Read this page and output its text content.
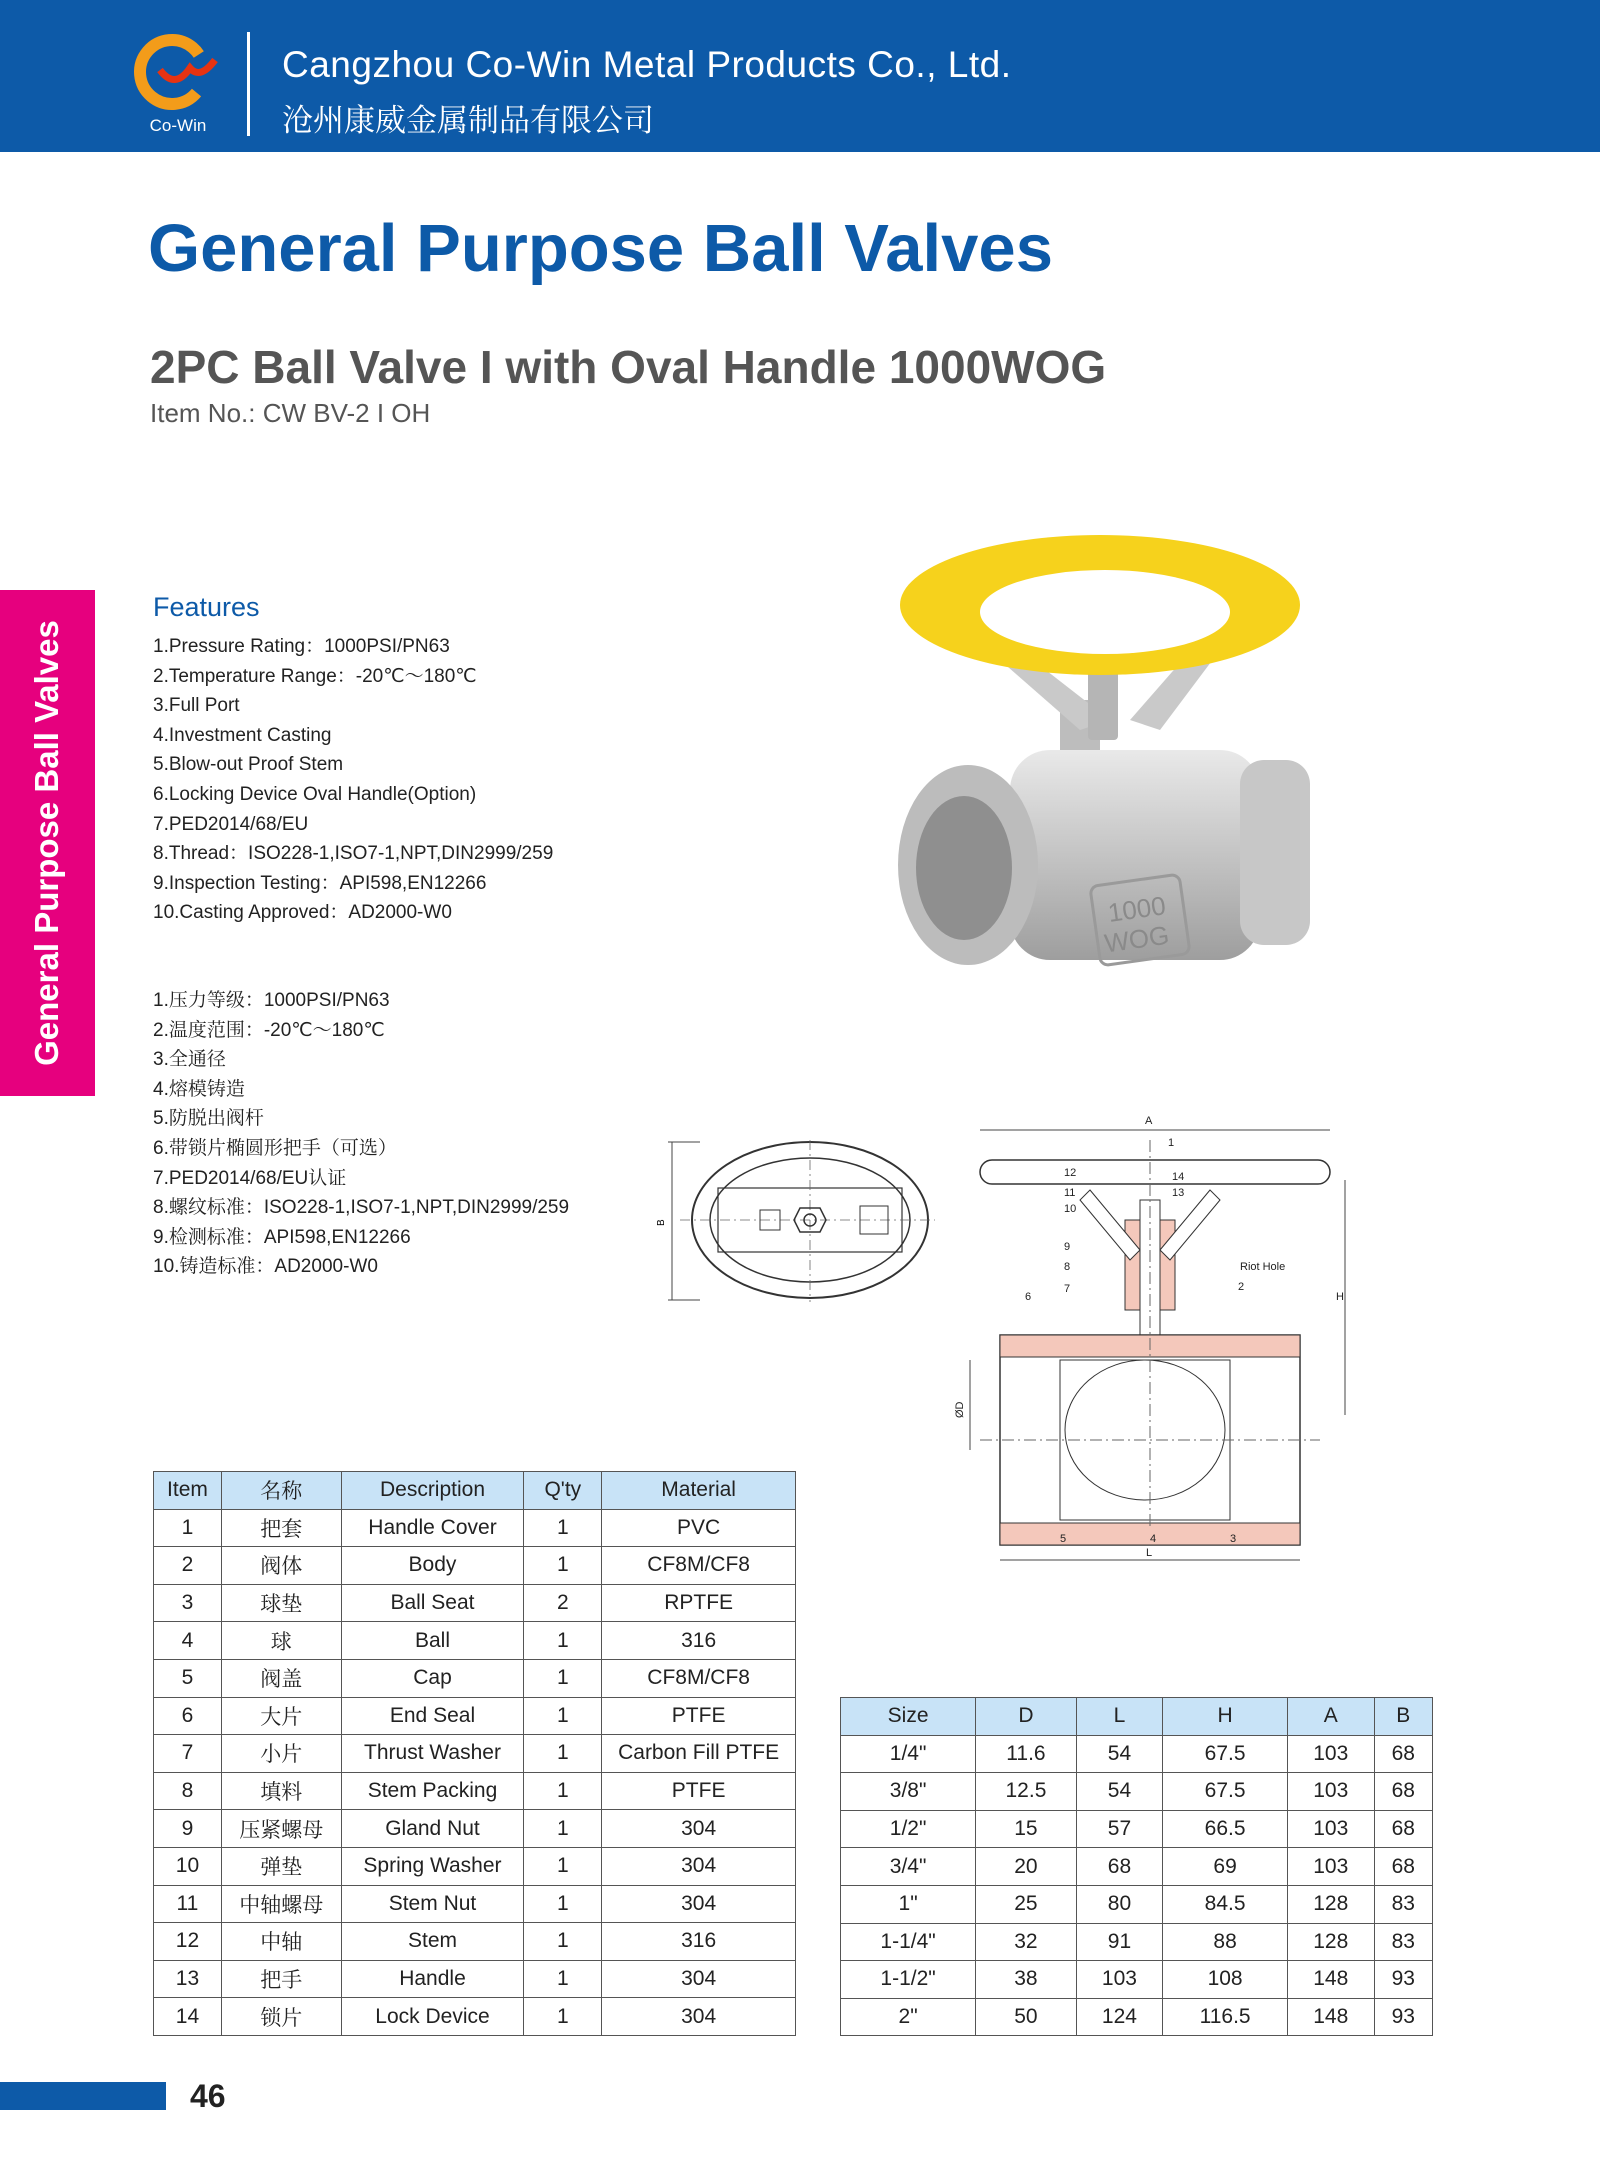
Co-Win
Cangzhou Co-Win Metal Products Co., Ltd.
沧州康威金属制品有限公司
General Purpose Ball Valves
2PC Ball Valve I with Oval Handle 1000WOG
Item No.: CW BV-2 I OH
General Purpose Ball Valves
Features
1.Pressure Rating：1000PSI/PN63
2.Temperature Range：-20℃～180℃
3.Full Port
4.Investment Casting
5.Blow-out Proof Stem
6.Locking Device Oval Handle(Option)
7.PED2014/68/EU
8.Thread：ISO228-1,ISO7-1,NPT,DIN2999/259
9.Inspection Testing：API598,EN12266
10.Casting Approved：AD2000-W0
1.压力等级：1000PSI/PN63
2.温度范围：-20℃～180℃
3.全通径
4.熔模铸造
5.防脱出阀杆
6.带锁片椭圆形把手（可选）
7.PED2014/68/EU认证
8.螺纹标准：ISO228-1,ISO7-1,NPT,DIN2999/259
9.检测标准：API598,EN12266
10.铸造标准：AD2000-W0
1000
WOG
B
A
H
ØD
L
Riot Hole
1
2
3
4
5
6
7
8
9
10
11
12
13
14
Item	名称	Description	Q'ty	Material
1	把套	Handle Cover	1	PVC
2	阀体	Body	1	CF8M/CF8
3	球垫	Ball Seat	2	RPTFE
4	球	Ball	1	316
5	阀盖	Cap	1	CF8M/CF8
6	大片	End Seal	1	PTFE
7	小片	Thrust Washer	1	Carbon Fill PTFE
8	填料	Stem Packing	1	PTFE
9	压紧螺母	Gland Nut	1	304
10	弹垫	Spring Washer	1	304
11	中轴螺母	Stem Nut	1	304
12	中轴	Stem	1	316
13	把手	Handle	1	304
14	锁片	Lock Device	1	304
Size	D	L	H	A	B
1/4"	11.6	54	67.5	103	68
3/8"	12.5	54	67.5	103	68
1/2"	15	57	66.5	103	68
3/4"	20	68	69	103	68
1"	25	80	84.5	128	83
1-1/4"	32	91	88	128	83
1-1/2"	38	103	108	148	93
2"	50	124	116.5	148	93
46
